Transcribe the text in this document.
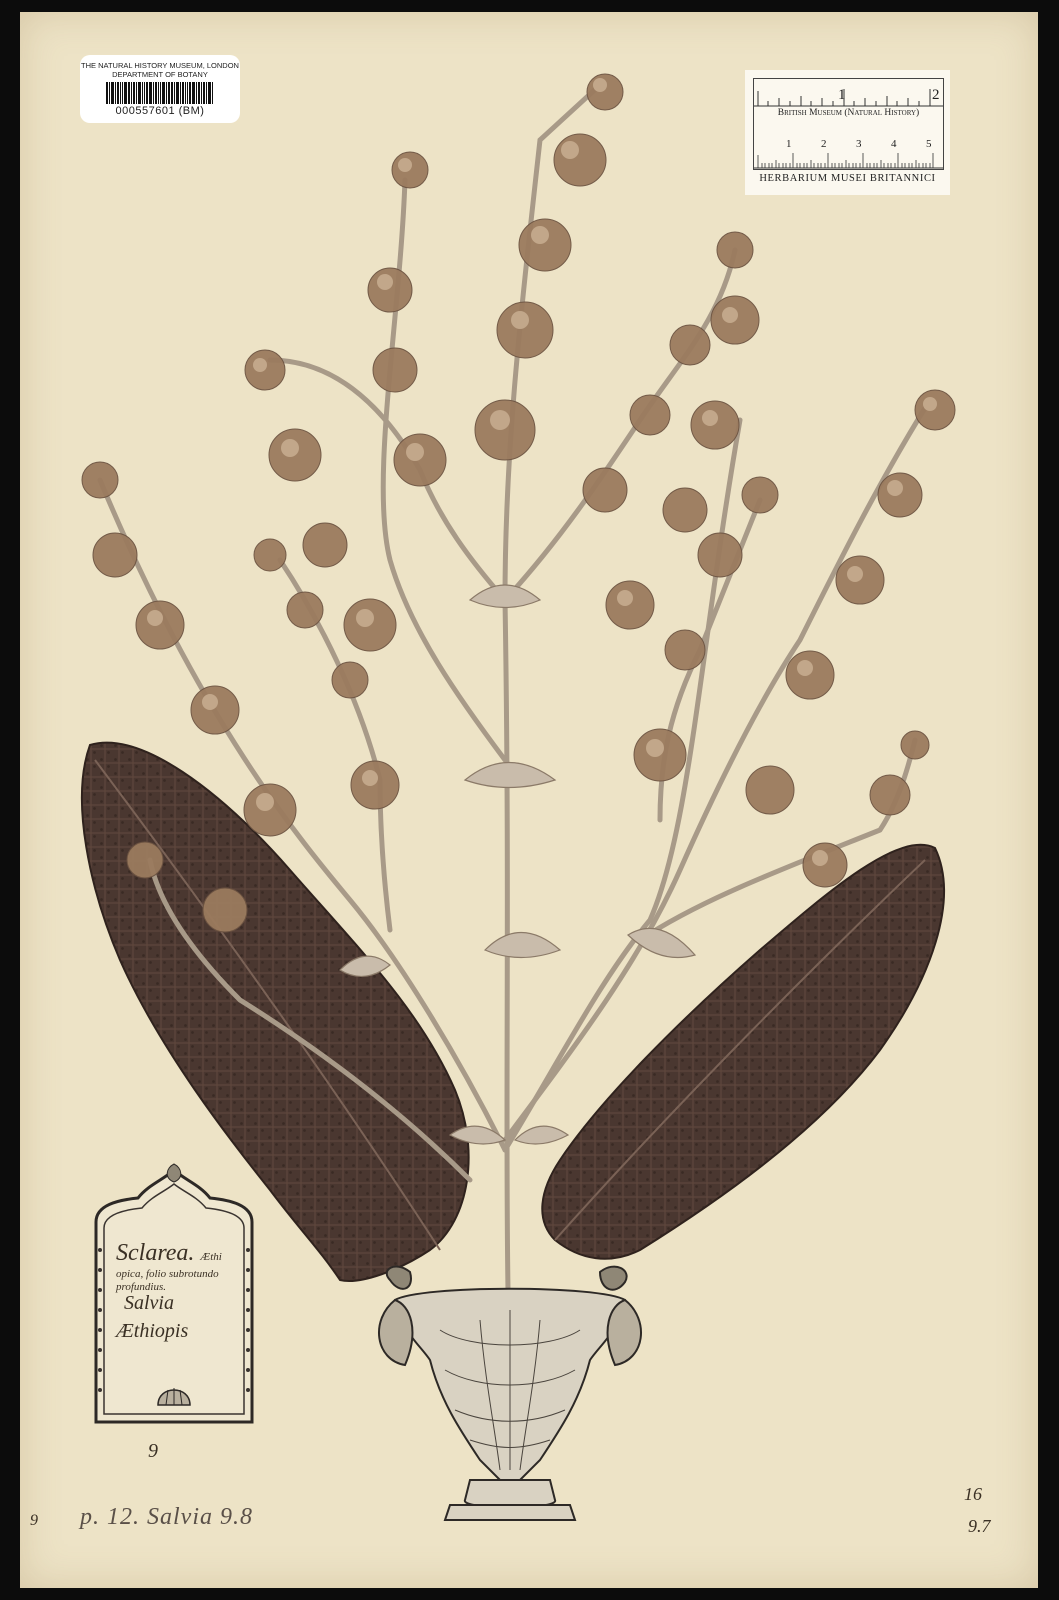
THE NATURAL HISTORY MUSEUM, LONDON
DEPARTMENT OF BOTANY
000557601 (BM)
1	2
British Museum (Natural History)
1	2	3	4	5
HERBARIUM MUSEI BRITANNICI
Sclarea. Æthi
opica, folio subrotundo profundius.
Salvia
Æthiopis
9
9 p. 12. Salvia 9.8
16
9.7
